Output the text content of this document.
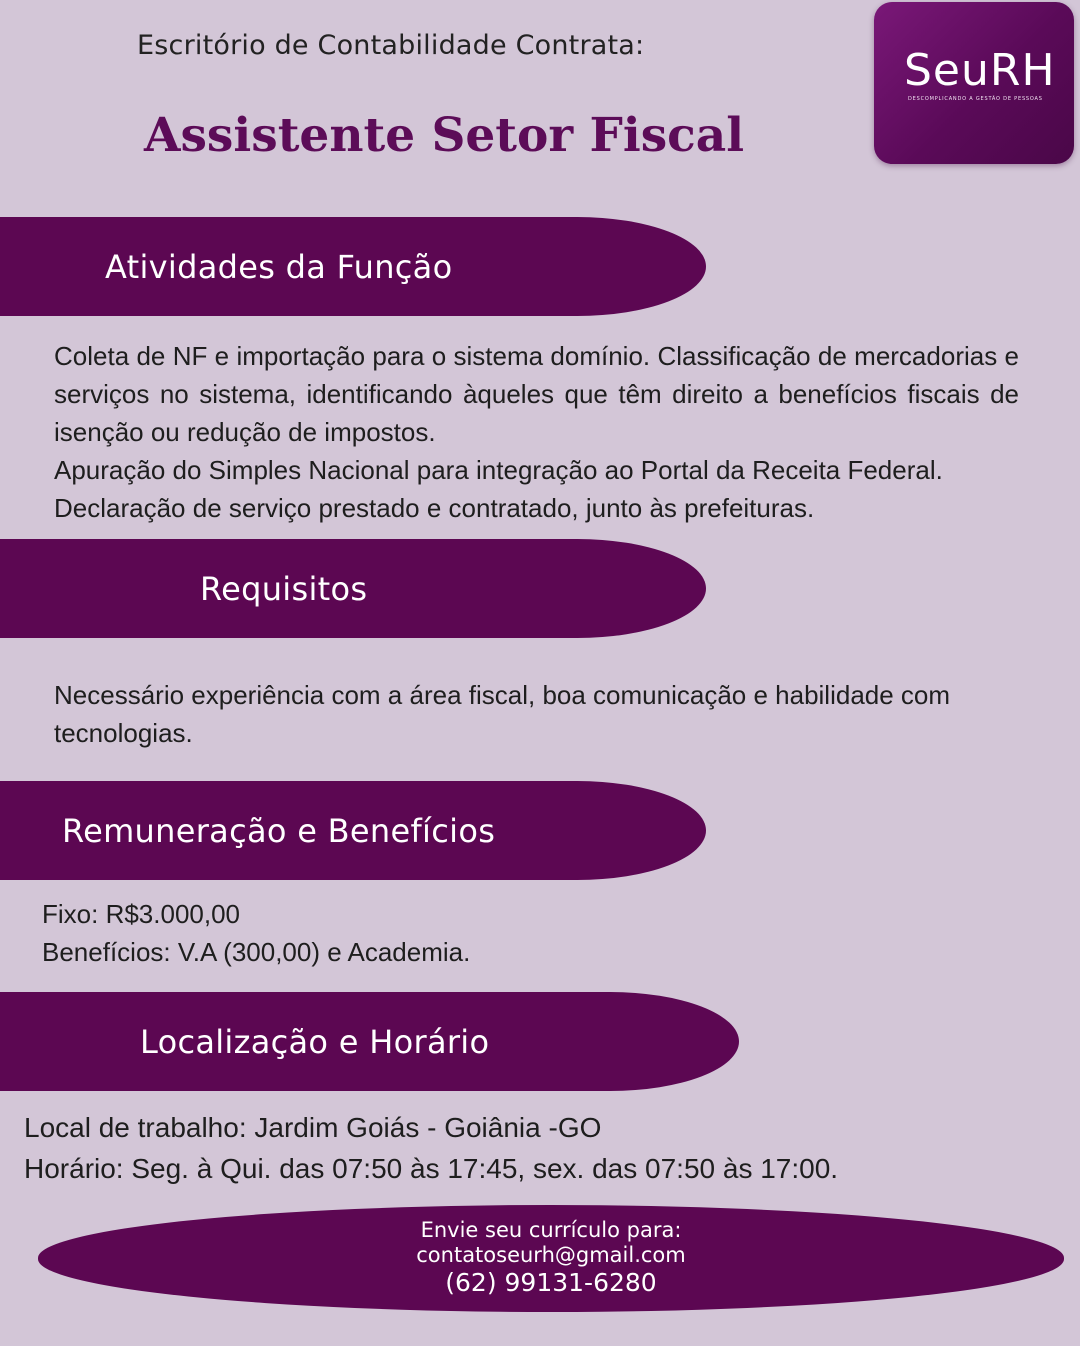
Escritório de Contabilidade Contrata:
Assistente Setor Fiscal
SeuRH
DESCOMPLICANDO A GESTÃO DE PESSOAS
Atividades da Função
Coleta de NF e importação para o sistema domínio. Classificação de mercadorias e serviços no sistema, identificando àqueles que têm direito a benefícios fiscais de isenção ou redução de impostos.
Apuração do Simples Nacional para integração ao Portal da Receita Federal.
Declaração de serviço prestado e contratado, junto às prefeituras.
Requisitos
Necessário experiência com a área fiscal, boa comunicação e habilidade com tecnologias.
Remuneração e Benefícios
Fixo: R$3.000,00
Benefícios: V.A (300,00) e Academia.
Localização e Horário
Local de trabalho: Jardim Goiás - Goiânia -GO
Horário: Seg. à Qui. das 07:50 às 17:45, sex. das 07:50 às 17:00.
Envie seu currículo para:
contatoseurh@gmail.com
(62) 99131-6280
